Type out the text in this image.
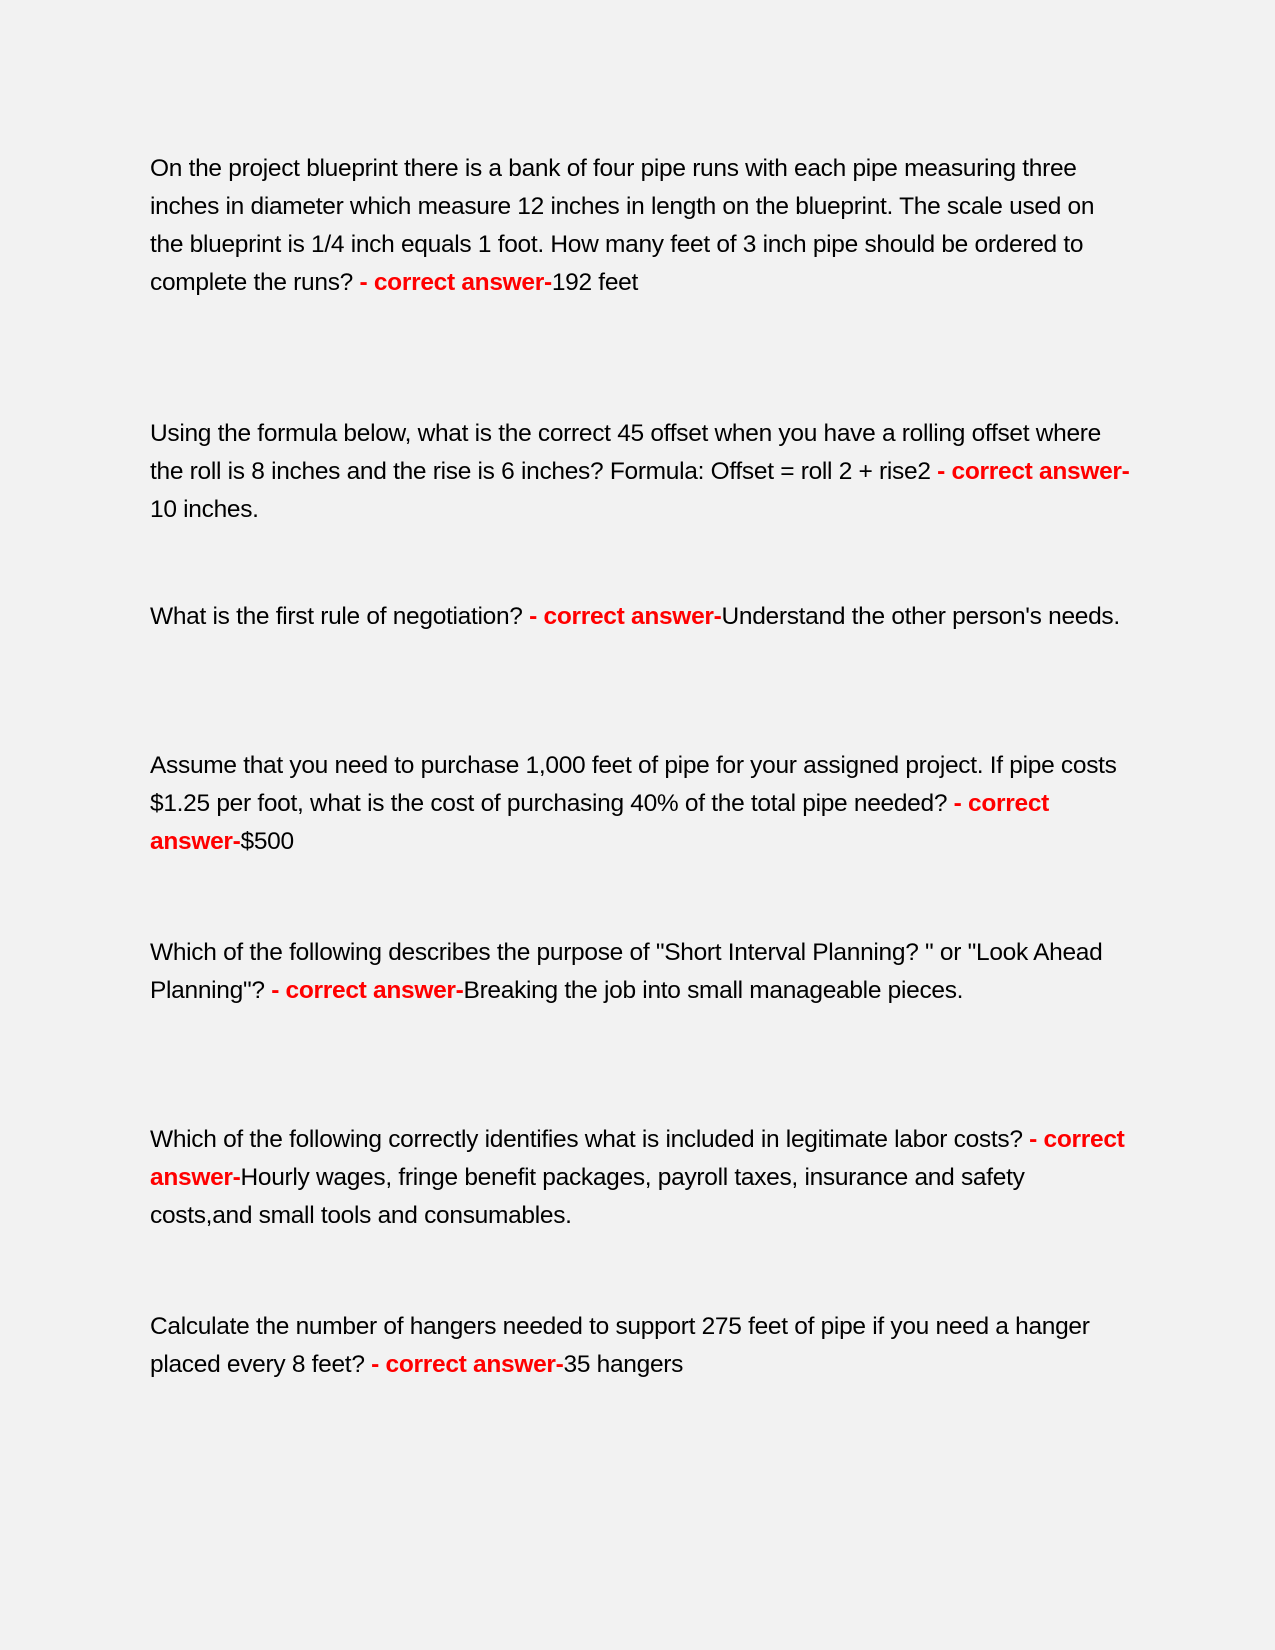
On the project blueprint there is a bank of four pipe runs with each pipe measuring three inches in diameter which measure 12 inches in length on the blueprint. The scale used on the blueprint is 1/4 inch equals 1 foot. How many feet of 3 inch pipe should be ordered to complete the runs? - correct answer-192 feet
Using the formula below, what is the correct 45 offset when you have a rolling offset where the roll is 8 inches and the rise is 6 inches? Formula: Offset = roll 2 + rise2 - correct answer-10 inches.
What is the first rule of negotiation? - correct answer-Understand the other person's needs.
Assume that you need to purchase 1,000 feet of pipe for your assigned project. If pipe costs $1.25 per foot, what is the cost of purchasing 40% of the total pipe needed? - correct answer-$500
Which of the following describes the purpose of "Short Interval Planning? " or "Look Ahead Planning"? - correct answer-Breaking the job into small manageable pieces.
Which of the following correctly identifies what is included in legitimate labor costs? - correct answer-Hourly wages, fringe benefit packages, payroll taxes, insurance and safety costs,and small tools and consumables.
Calculate the number of hangers needed to support 275 feet of pipe if you need a hanger placed every 8 feet? - correct answer-35 hangers
